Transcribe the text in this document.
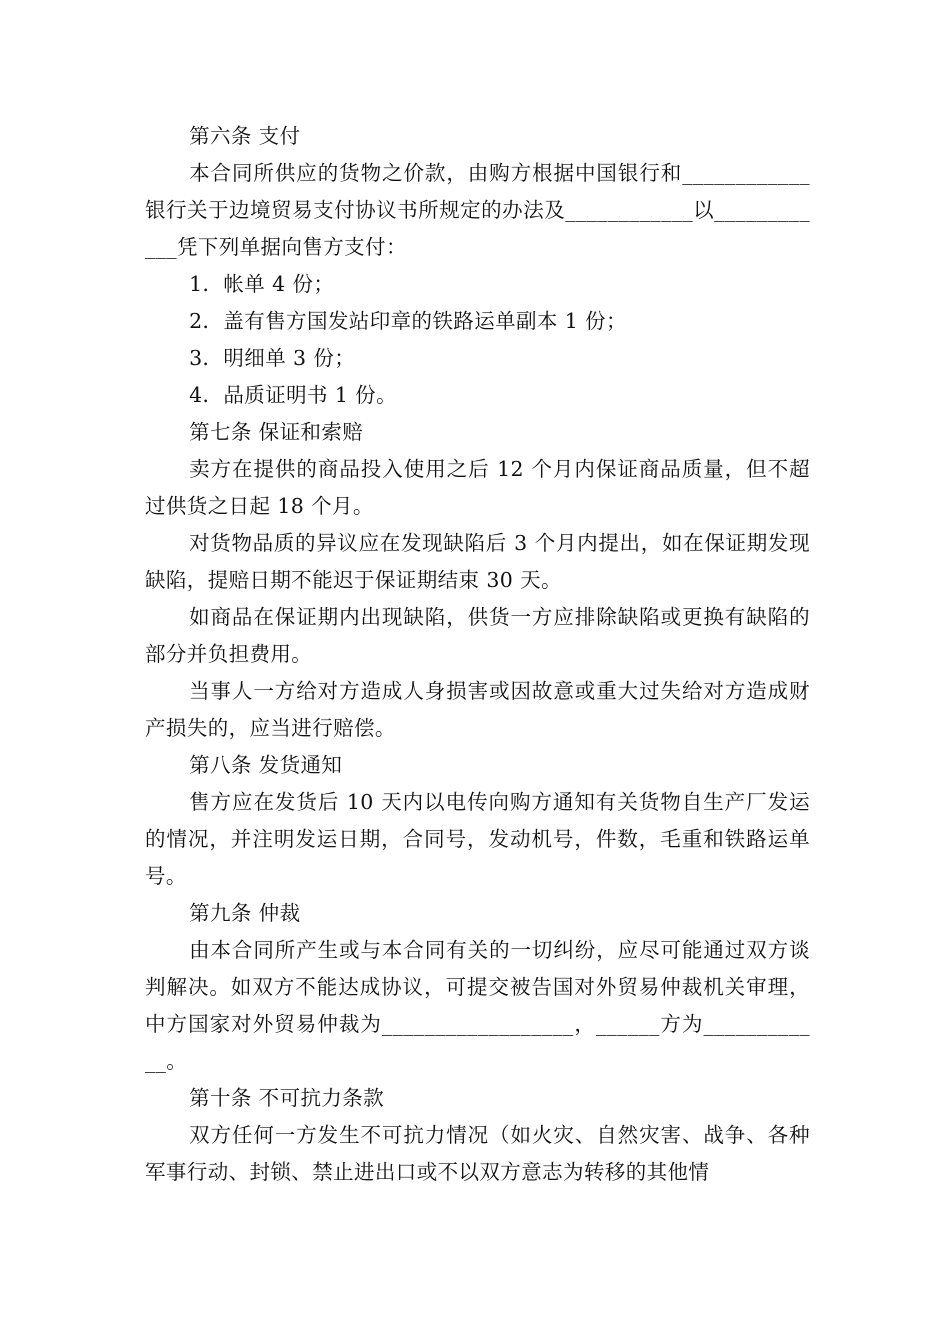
第六条 支付

本合同所供应的货物之价款，由购方根据中国银行和____________银行关于边境贸易支付协议书所规定的办法及____________以____________凭下列单据向售方支付：

1．帐单 4 份；

2．盖有售方国发站印章的铁路运单副本 1 份；

3．明细单 3 份；

4．品质证明书 1 份。

第七条 保证和索赔

卖方在提供的商品投入使用之后 12 个月内保证商品质量，但不超过供货之日起 18 个月。

对货物品质的异议应在发现缺陷后 3 个月内提出，如在保证期发现缺陷，提赔日期不能迟于保证期结束 30 天。

如商品在保证期内出现缺陷，供货一方应排除缺陷或更换有缺陷的部分并负担费用。

当事人一方给对方造成人身损害或因故意或重大过失给对方造成财产损失的，应当进行赔偿。

第八条 发货通知

售方应在发货后 10 天内以电传向购方通知有关货物自生产厂发运的情况，并注明发运日期，合同号，发动机号，件数，毛重和铁路运单号。

第九条 仲裁

由本合同所产生或与本合同有关的一切纠纷，应尽可能通过双方谈判解决。如双方不能达成协议，可提交被告国对外贸易仲裁机关审理，中方国家对外贸易仲裁为__________________，______方为____________。

第十条 不可抗力条款

双方任何一方发生不可抗力情况（如火灾、自然灾害、战争、各种军事行动、封锁、禁止进出口或不以双方意志为转移的其他情
